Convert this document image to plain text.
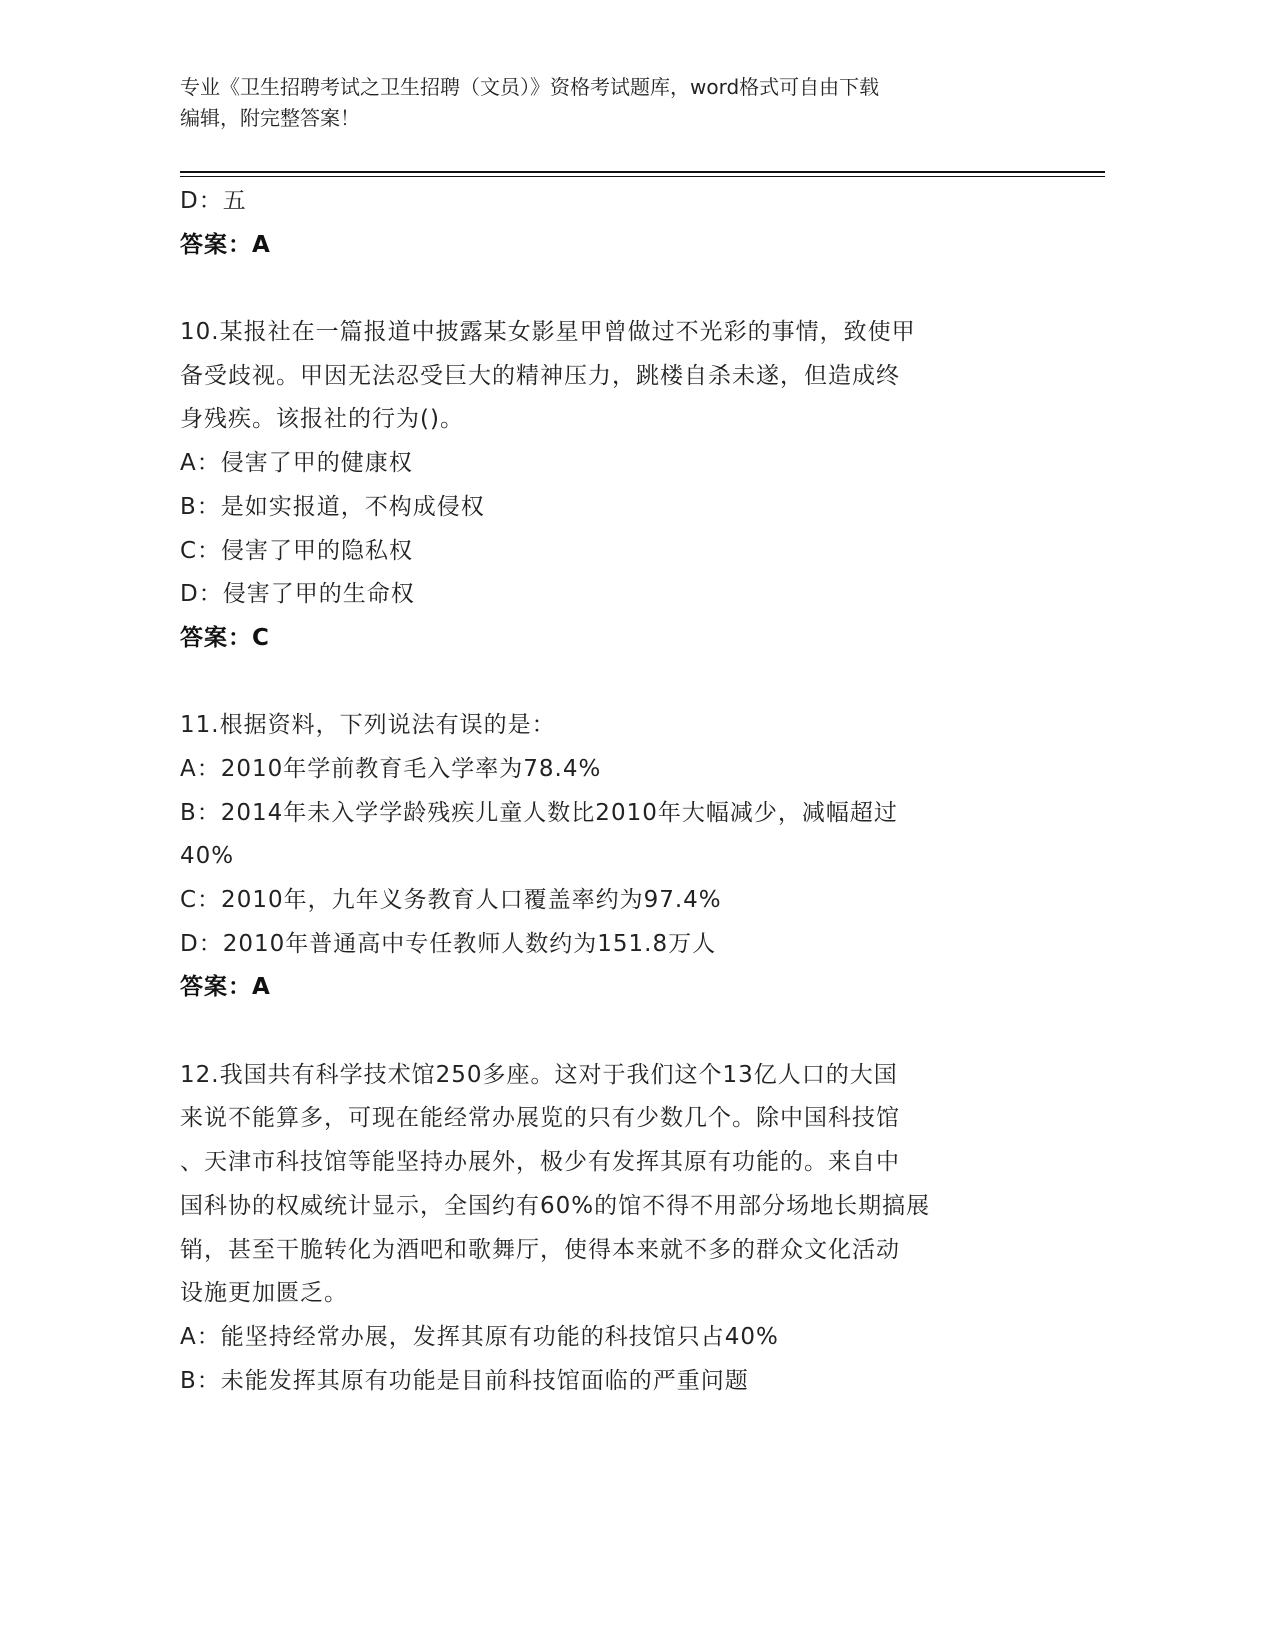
专业《卫生招聘考试之卫生招聘（文员）》资格考试题库，word格式可自由下载
编辑，附完整答案！
D：五
答案：A
10.某报社在一篇报道中披露某女影星甲曾做过不光彩的事情，致使甲
备受歧视。甲因无法忍受巨大的精神压力，跳楼自杀未遂，但造成终
身残疾。该报社的行为()。
A：侵害了甲的健康权
B：是如实报道，不构成侵权
C：侵害了甲的隐私权
D：侵害了甲的生命权
答案：C
11.根据资料，下列说法有误的是：
A：2010年学前教育毛入学率为78.4%
B：2014年未入学学龄残疾儿童人数比2010年大幅减少，减幅超过
40%
C：2010年，九年义务教育人口覆盖率约为97.4%
D：2010年普通高中专任教师人数约为151.8万人
答案：A
12.我国共有科学技术馆250多座。这对于我们这个13亿人口的大国
来说不能算多，可现在能经常办展览的只有少数几个。除中国科技馆
、天津市科技馆等能坚持办展外，极少有发挥其原有功能的。来自中
国科协的权威统计显示，全国约有60%的馆不得不用部分场地长期搞展
销，甚至干脆转化为酒吧和歌舞厅，使得本来就不多的群众文化活动
设施更加匮乏。
A：能坚持经常办展，发挥其原有功能的科技馆只占40%
B：未能发挥其原有功能是目前科技馆面临的严重问题
